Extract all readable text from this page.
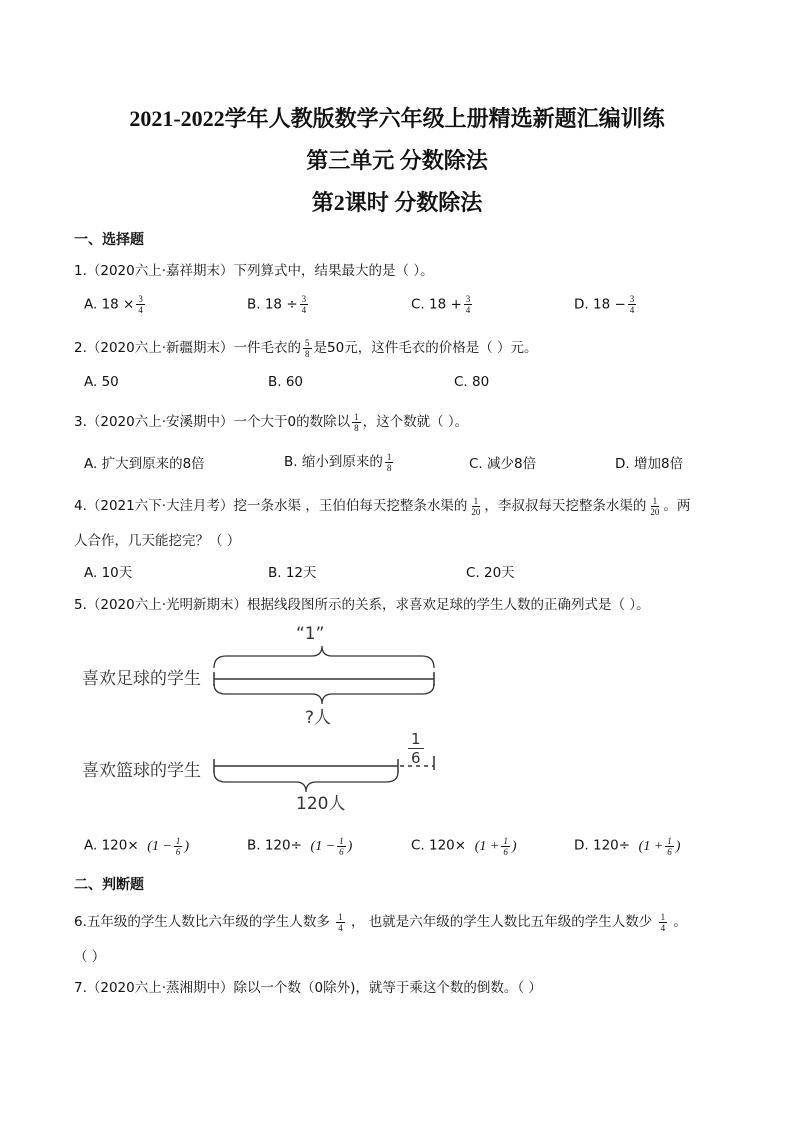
2021-2022学年人教版数学六年级上册精选新题汇编训练
第三单元 分数除法
第2课时 分数除法
一、选择题
1.（2020六上·嘉祥期末）下列算式中，结果最大的是（ ）。
A. $18 \times \frac{3}{4}$	B. $18 \div \frac{3}{4}$	C. $18 + \frac{3}{4}$	D. $18 - \frac{3}{4}$
2.（2020六上·新疆期末）一件毛衣的 $\frac{5}{8}$ 是50元，这件毛衣的价格是（ ）元。
A. 50	B. 60	C. 80
3.（2020六上·安溪期中）一个大于0的数除以 $\frac{1}{8}$ ，这个数就（ ）。
A. 扩大到原来的8倍	B. 缩小到原来的 $\frac{1}{8}$	C. 减少8倍	D. 增加8倍
4.（2021六下·大洼月考）挖一条水渠 ，王伯伯每天挖整条水渠的 $\frac{1}{20}$ ，李叔叔每天挖整条水渠的 $\frac{1}{20}$ 。两
人合作，几天能挖完？（ ）
A. 10天	B. 12天	C. 20天
5.（2020六上·光明新期末）根据线段图所示的关系，求喜欢足球的学生人数的正确列式是（ ）。
“1”
喜欢足球的学生
?人
喜欢篮球的学生
1
6
120人
A. $120\times (1 - \frac{1}{6}$ )	B. $120\div (1 - \frac{1}{6}$ )	C. $120\times (1 + \frac{1}{6}$ )	D. $120\div (1 + \frac{1}{6}$ )
二、判断题
6.五年级的学生人数比六年级的学生人数多 $\frac{1}{4}$ ， 也就是六年级的学生人数比五年级的学生人数少 $\frac{1}{4}$ 。
（ ）
7.（2020六上·蒸湘期中）除以一个数（0除外)，就等于乘这个数的倒数。（ ）
